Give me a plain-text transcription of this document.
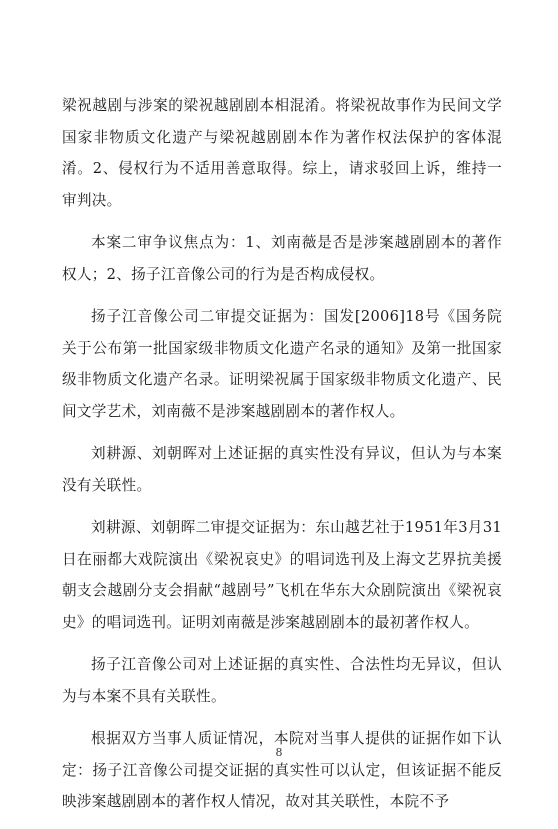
梁祝越剧与涉案的梁祝越剧剧本相混淆。将梁祝故事作为民间文学国家非物质文化遗产与梁祝越剧剧本作为著作权法保护的客体混淆。2、侵权行为不适用善意取得。综上，请求驳回上诉，维持一审判决。

本案二审争议焦点为：1、刘南薇是否是涉案越剧剧本的著作权人；2、扬子江音像公司的行为是否构成侵权。

扬子江音像公司二审提交证据为：国发[2006]18号《国务院关于公布第一批国家级非物质文化遗产名录的通知》及第一批国家级非物质文化遗产名录。证明梁祝属于国家级非物质文化遗产、民间文学艺术，刘南薇不是涉案越剧剧本的著作权人。

刘耕源、刘朝晖对上述证据的真实性没有异议，但认为与本案没有关联性。

刘耕源、刘朝晖二审提交证据为：东山越艺社于1951年3月31日在丽都大戏院演出《梁祝哀史》的唱词选刊及上海文艺界抗美援朝支会越剧分支会捐献“越剧号”飞机在华东大众剧院演出《梁祝哀史》的唱词选刊。证明刘南薇是涉案越剧剧本的最初著作权人。

扬子江音像公司对上述证据的真实性、合法性均无异议，但认为与本案不具有关联性。

根据双方当事人质证情况，本院对当事人提供的证据作如下认定：扬子江音像公司提交证据的真实性可以认定，但该证据不能反映涉案越剧剧本的著作权人情况，故对其关联性，本院不予

8
